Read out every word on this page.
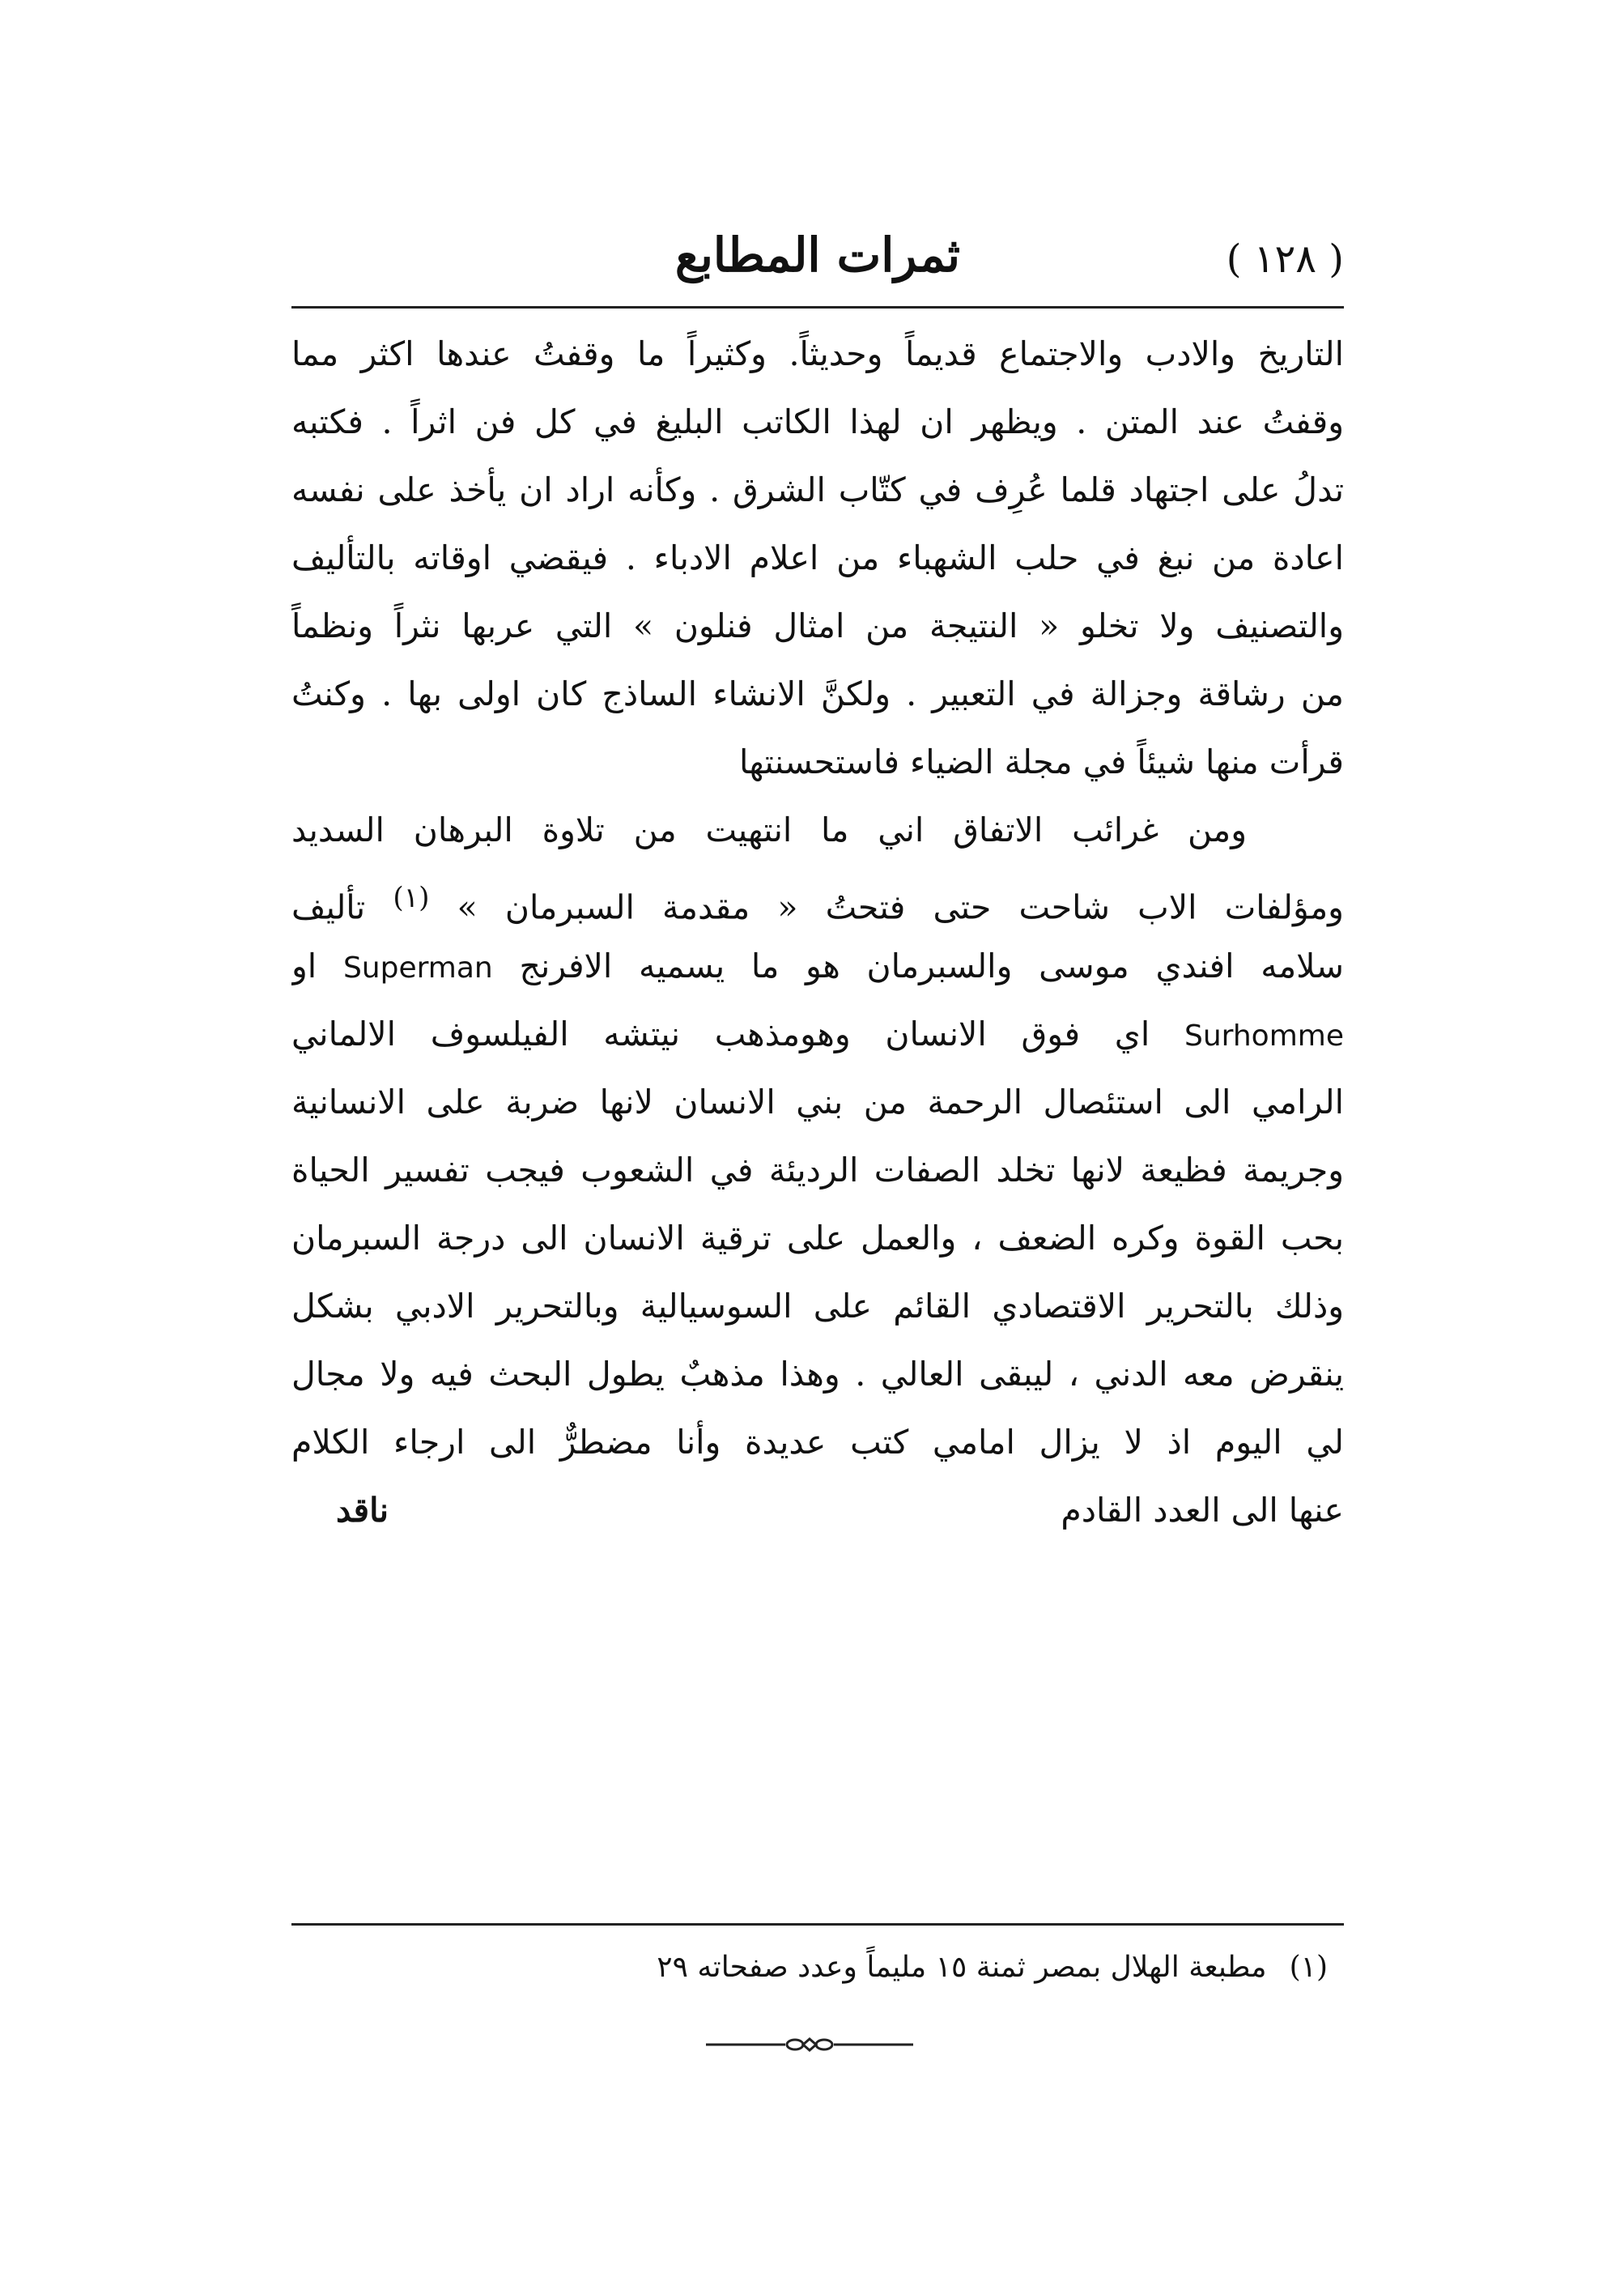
( ١٢٨ )
ثمرات المطابع
التاريخ والادب والاجتماع قديماً وحديثاً. وكثيراً ما وقفتُ عندها اكثر مما
وقفتُ عند المتن . ويظهر ان لهذا الكاتب البليغ في كل فن اثراً . فكتبه
تدلُ على اجتهاد قلما عُرِف في كتّاب الشرق . وكأنه اراد ان يأخذ على نفسه
اعادة من نبغ في حلب الشهباء من اعلام الادباء . فيقضي اوقاته بالتأليف
والتصنيف ولا تخلو « النتيجة من امثال فنلون » التي عربها نثراً ونظماً
من رشاقة وجزالة في التعبير . ولكنَّ الانشاء الساذج كان اولى بها . وكنتُ
قرأت منها شيئاً في مجلة الضياء فاستحسنتها
ومن غرائب الاتفاق اني ما انتهيت من تلاوة البرهان السديد
ومؤلفات الاب شاحت حتى فتحتُ « مقدمة السبرمان » $^{(١)}$ تأليف
سلامه افندي موسى والسبرمان هو ما يسميه الافرنج Superman او
Surhomme اي فوق الانسان وهومذهب نيتشه الفيلسوف الالماني
الرامي الى استئصال الرحمة من بني الانسان لانها ضربة على الانسانية
وجريمة فظيعة لانها تخلد الصفات الرديئة في الشعوب فيجب تفسير الحياة
بحب القوة وكره الضعف ، والعمل على ترقية الانسان الى درجة السبرمان
وذلك بالتحرير الاقتصادي القائم على السوسيالية وبالتحرير الادبي بشكل
ينقرض معه الدني ، ليبقى العالي . وهذا مذهبٌ يطول البحث فيه ولا مجال
لي اليوم اذ لا يزال امامي كتب عديدة وأنا مضطرٌّ الى ارجاء الكلام
عنها الى العدد القادم
ناقد
(١)مطبعة الهلال بمصر ثمنة ١٥ مليماً وعدد صفحاته ٢٩
